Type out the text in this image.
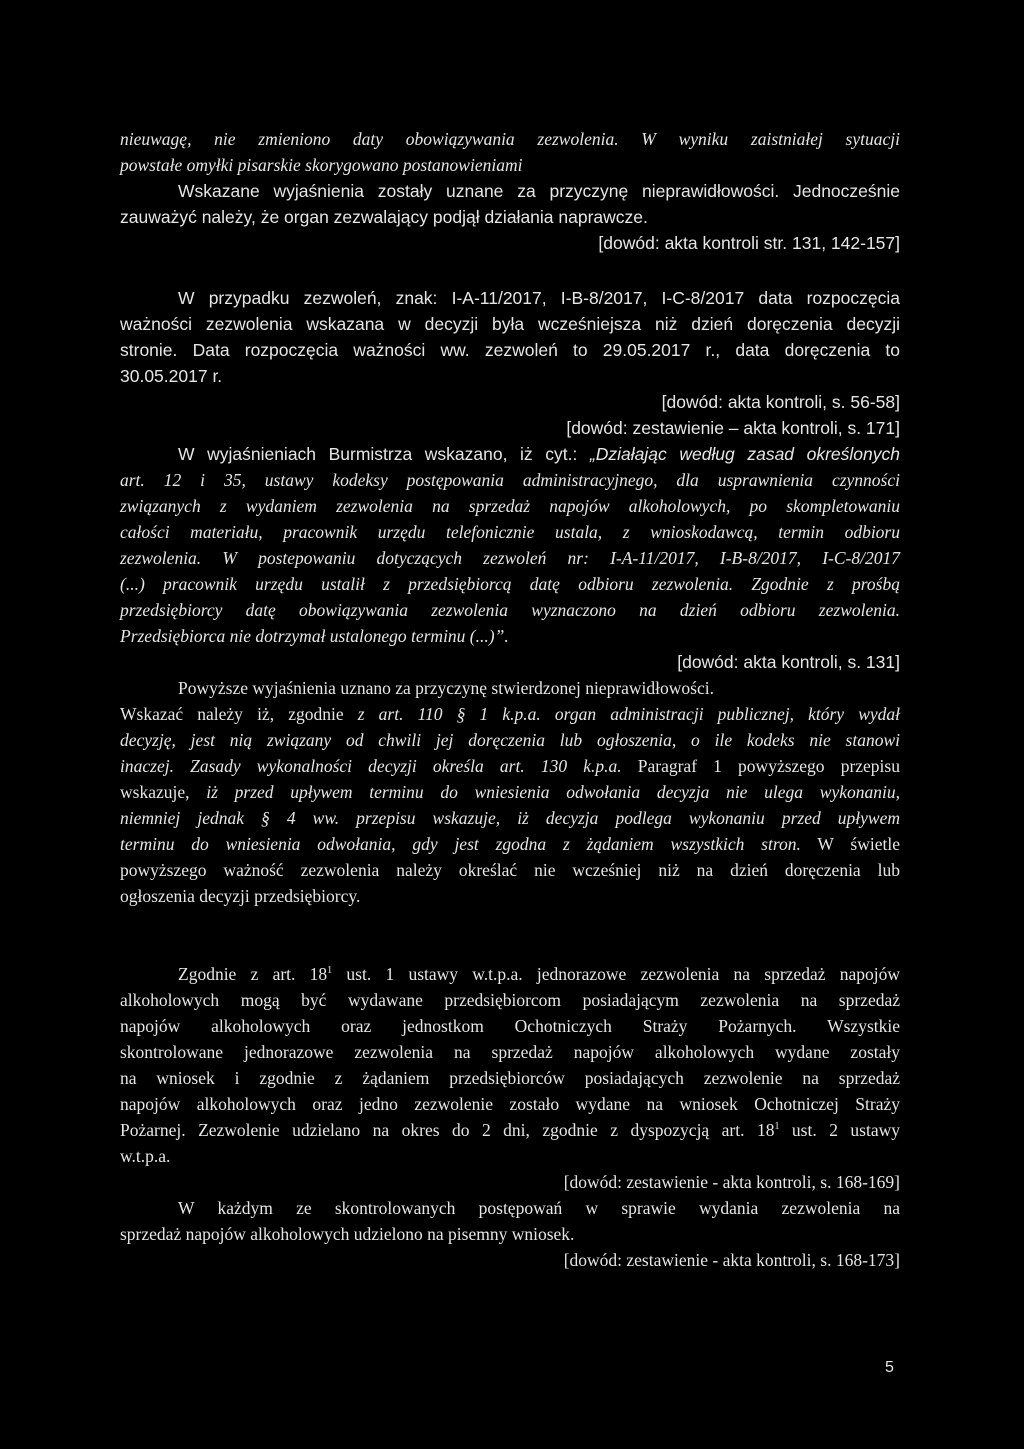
nieuwagę, nie zmieniono daty obowiązywania zezwolenia. W wyniku zaistniałej sytuacji
powstałe omyłki pisarskie skorygowano postanowieniami
Wskazane wyjaśnienia zostały uznane za przyczynę nieprawidłowości. Jednocześnie
zauważyć należy, że organ zezwalający podjął działania naprawcze.
[dowód: akta kontroli str. 131, 142-157]
W przypadku zezwoleń, znak: I-A-11/2017, I-B-8/2017, I-C-8/2017 data rozpoczęcia
ważności zezwolenia wskazana w decyzji była wcześniejsza niż dzień doręczenia decyzji
stronie. Data rozpoczęcia ważności ww. zezwoleń to 29.05.2017 r., data doręczenia to
30.05.2017 r.
[dowód: akta kontroli, s. 56-58]
[dowód: zestawienie – akta kontroli, s. 171]
W wyjaśnieniach Burmistrza wskazano, iż cyt.: „Działając według zasad określonych
art. 12 i 35, ustawy kodeksy postępowania administracyjnego, dla usprawnienia czynności
związanych z wydaniem zezwolenia na sprzedaż napojów alkoholowych, po skompletowaniu
całości materiału, pracownik urzędu telefonicznie ustala, z wnioskodawcą, termin odbioru
zezwolenia. W postepowaniu dotyczących zezwoleń nr: I-A-11/2017, I-B-8/2017, I-C-8/2017
(...) pracownik urzędu ustalił z przedsiębiorcą datę odbioru zezwolenia. Zgodnie z prośbą
przedsiębiorcy datę obowiązywania zezwolenia wyznaczono na dzień odbioru zezwolenia.
Przedsiębiorca nie dotrzymał ustalonego terminu (...)”.
[dowód: akta kontroli, s. 131]
Powyższe wyjaśnienia uznano za przyczynę stwierdzonej nieprawidłowości.
Wskazać należy iż, zgodnie z art. 110 § 1 k.p.a. organ administracji publicznej, który wydał
decyzję, jest nią związany od chwili jej doręczenia lub ogłoszenia, o ile kodeks nie stanowi
inaczej. Zasady wykonalności decyzji określa art. 130 k.p.a. Paragraf 1 powyższego przepisu
wskazuje, iż przed upływem terminu do wniesienia odwołania decyzja nie ulega wykonaniu,
niemniej jednak § 4 ww. przepisu wskazuje, iż decyzja podlega wykonaniu przed upływem
terminu do wniesienia odwołania, gdy jest zgodna z żądaniem wszystkich stron. W świetle
powyższego ważność zezwolenia należy określać nie wcześniej niż na dzień doręczenia lub
ogłoszenia decyzji przedsiębiorcy.
Zgodnie z art. $18^1$ ust. 1 ustawy w.t.p.a. jednorazowe zezwolenia na sprzedaż napojów
alkoholowych mogą być wydawane przedsiębiorcom posiadającym zezwolenia na sprzedaż
napojów alkoholowych oraz jednostkom Ochotniczych Straży Pożarnych. Wszystkie
skontrolowane jednorazowe zezwolenia na sprzedaż napojów alkoholowych wydane zostały
na wniosek i zgodnie z żądaniem przedsiębiorców posiadających zezwolenie na sprzedaż
napojów alkoholowych oraz jedno zezwolenie zostało wydane na wniosek Ochotniczej Straży
Pożarnej. Zezwolenie udzielano na okres do 2 dni, zgodnie z dyspozycją art. $18^1$ ust. 2 ustawy
w.t.p.a.
[dowód: zestawienie - akta kontroli, s. 168-169]
W każdym ze skontrolowanych postępowań w sprawie wydania zezwolenia na
sprzedaż napojów alkoholowych udzielono na pisemny wniosek.
[dowód: zestawienie - akta kontroli, s. 168-173]
5
